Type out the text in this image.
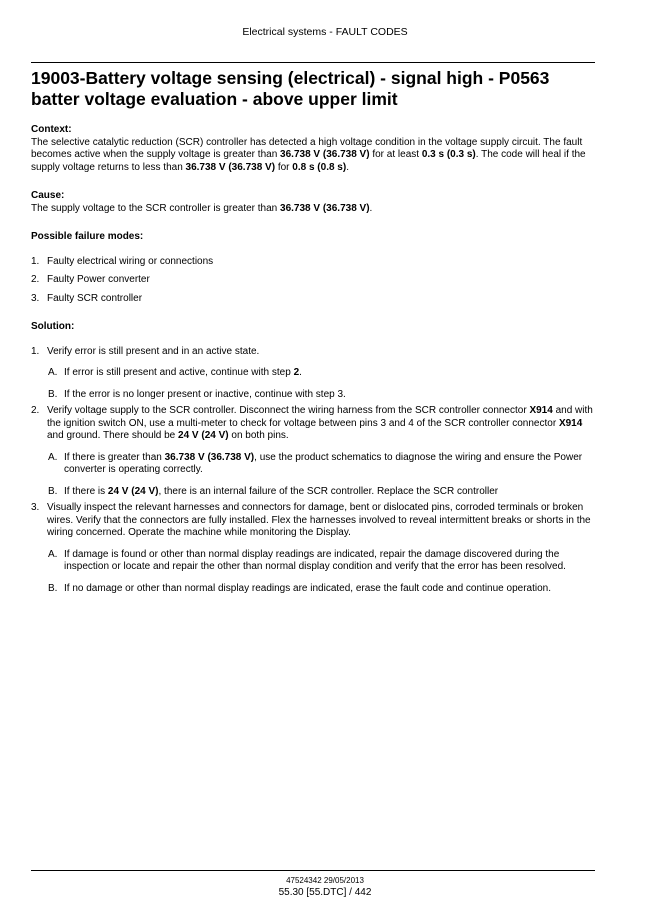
Electrical systems - FAULT CODES
19003-Battery voltage sensing (electrical) - signal high - P0563 batter voltage evaluation - above upper limit
Context:

The selective catalytic reduction (SCR) controller has detected a high voltage condition in the voltage supply circuit. The fault becomes active when the supply voltage is greater than 36.738 V (36.738 V) for at least 0.3 s (0.3 s). The code will heal if the supply voltage returns to less than 36.738 V (36.738 V) for 0.8 s (0.8 s).

Cause:

The supply voltage to the SCR controller is greater than 36.738 V (36.738 V).

Possible failure modes:
1. Faulty electrical wiring or connections
2. Faulty Power converter
3. Faulty SCR controller
Solution:
1. Verify error is still present and in an active state.
A. If error is still present and active, continue with step 2.
B. If the error is no longer present or inactive, continue with step 3.
2. Verify voltage supply to the SCR controller. Disconnect the wiring harness from the SCR controller connector X914 and with the ignition switch ON, use a multi-meter to check for voltage between pins 3 and 4 of the SCR controller connector X914 and ground. There should be 24 V (24 V) on both pins.
A. If there is greater than 36.738 V (36.738 V), use the product schematics to diagnose the wiring and ensure the Power converter is operating correctly.
B. If there is 24 V (24 V), there is an internal failure of the SCR controller. Replace the SCR controller
3. Visually inspect the relevant harnesses and connectors for damage, bent or dislocated pins, corroded terminals or broken wires. Verify that the connectors are fully installed. Flex the harnesses involved to reveal intermittent breaks or shorts in the wiring concerned. Operate the machine while monitoring the Display.
A. If damage is found or other than normal display readings are indicated, repair the damage discovered during the inspection or locate and repair the other than normal display condition and verify that the error has been resolved.
B. If no damage or other than normal display readings are indicated, erase the fault code and continue operation.
47524342 29/05/2013
55.30 [55.DTC] / 442
